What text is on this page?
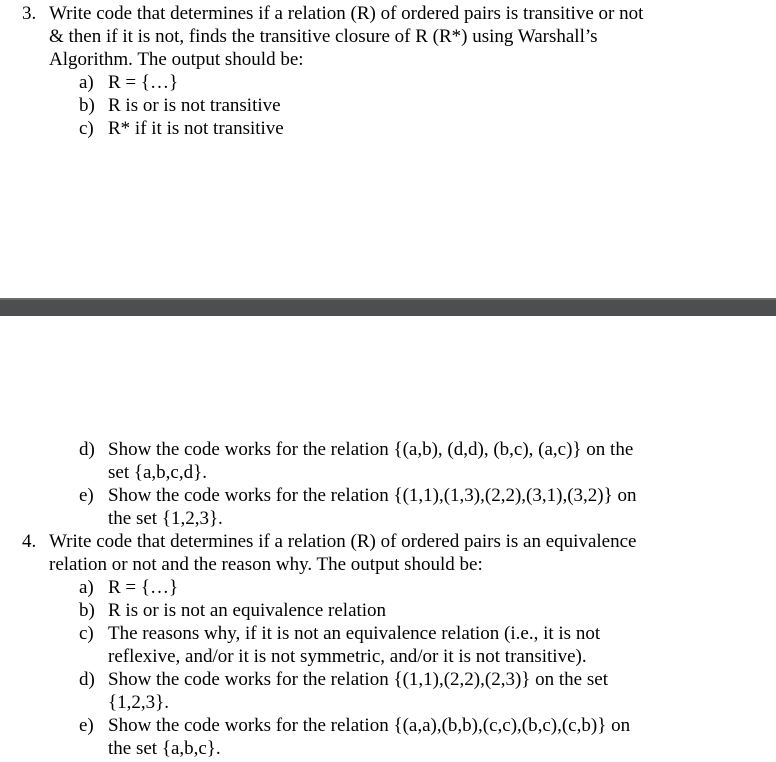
3. Write code that determines if a relation (R) of ordered pairs is transitive or not
& then if it is not, finds the transitive closure of R (R*) using Warshall’s
Algorithm. The output should be:
a) R = {…}
b) R is or is not transitive
c) R* if it is not transitive
d) Show the code works for the relation {(a,b), (d,d), (b,c), (a,c)} on the
set {a,b,c,d}.
e) Show the code works for the relation {(1,1),(1,3),(2,2),(3,1),(3,2)} on
the set {1,2,3}.
4. Write code that determines if a relation (R) of ordered pairs is an equivalence
relation or not and the reason why. The output should be:
a) R = {…}
b) R is or is not an equivalence relation
c) The reasons why, if it is not an equivalence relation (i.e., it is not
reflexive, and/or it is not symmetric, and/or it is not transitive).
d) Show the code works for the relation {(1,1),(2,2),(2,3)} on the set
{1,2,3}.
e) Show the code works for the relation {(a,a),(b,b),(c,c),(b,c),(c,b)} on
the set {a,b,c}.
